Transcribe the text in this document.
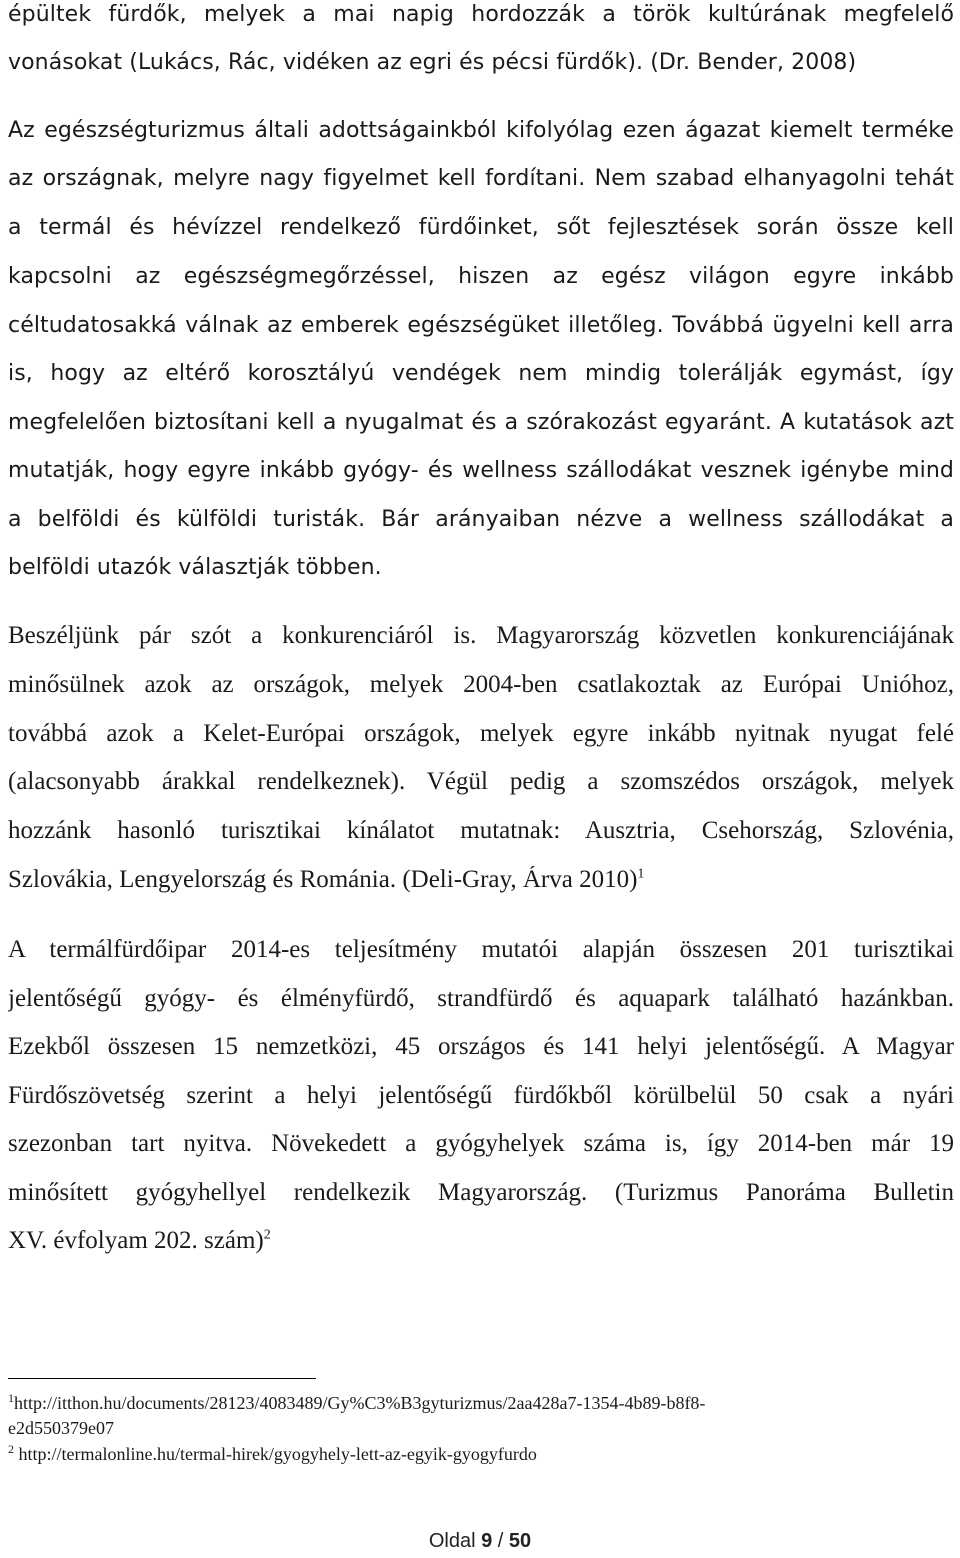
épültek fürdők, melyek a mai napig hordozzák a török kultúrának megfelelő
vonásokat (Lukács, Rác, vidéken az egri és pécsi fürdők). (Dr. Bender, 2008)
Az egészségturizmus általi adottságainkból kifolyólag ezen ágazat kiemelt terméke
az országnak, melyre nagy figyelmet kell fordítani. Nem szabad elhanyagolni tehát
a termál és hévízzel rendelkező fürdőinket, sőt fejlesztések során össze kell
kapcsolni az egészségmegőrzéssel, hiszen az egész világon egyre inkább
céltudatosakká válnak az emberek egészségüket illetőleg. Továbbá ügyelni kell arra
is, hogy az eltérő korosztályú vendégek nem mindig tolerálják egymást, így
megfelelően biztosítani kell a nyugalmat és a szórakozást egyaránt. A kutatások azt
mutatják, hogy egyre inkább gyógy- és wellness szállodákat vesznek igénybe mind
a belföldi és külföldi turisták. Bár arányaiban nézve a wellness szállodákat a
belföldi utazók választják többen.
Beszéljünk pár szót a konkurenciáról is. Magyarország közvetlen konkurenciájának
minősülnek azok az országok, melyek 2004-ben csatlakoztak az Európai Unióhoz,
továbbá azok a Kelet-Európai országok, melyek egyre inkább nyitnak nyugat felé
(alacsonyabb árakkal rendelkeznek). Végül pedig a szomszédos országok, melyek
hozzánk hasonló turisztikai kínálatot mutatnak: Ausztria, Csehország, Szlovénia,
Szlovákia, Lengyelország és Románia. (Deli-Gray, Árva 2010)$^1$
A termálfürdőipar 2014-es teljesítmény mutatói alapján összesen 201 turisztikai
jelentőségű gyógy- és élményfürdő, strandfürdő és aquapark található hazánkban.
Ezekből összesen 15 nemzetközi, 45 országos és 141 helyi jelentőségű. A Magyar
Fürdőszövetség szerint a helyi jelentőségű fürdőkből körülbelül 50 csak a nyári
szezonban tart nyitva. Növekedett a gyógyhelyek száma is, így 2014-ben már 19
minősített gyógyhellyel rendelkezik Magyarország. (Turizmus Panoráma Bulletin
XV. évfolyam 202. szám)$^2$
$^1$http://itthon.hu/documents/28123/4083489/Gy%C3%B3gyturizmus/2aa428a7-1354-4b89-b8f8-
e2d550379e07
$^2$ http://termalonline.hu/termal-hirek/gyogyhely-lett-az-egyik-gyogyfurdo
Oldal 9 / 50
